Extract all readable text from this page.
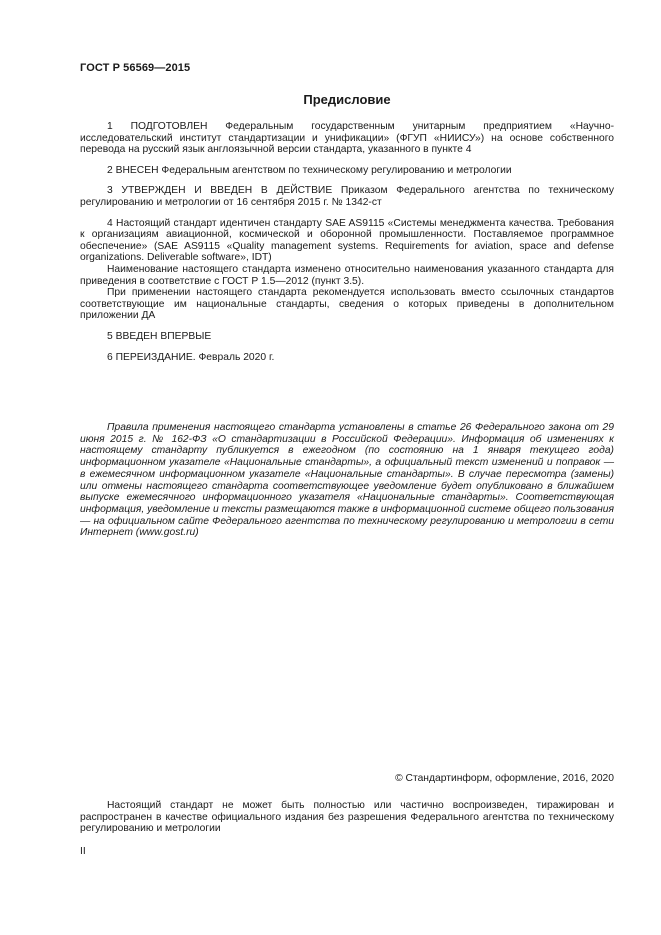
ГОСТ Р 56569—2015
Предисловие

1 ПОДГОТОВЛЕН Федеральным государственным унитарным предприятием «Научно-исследовательский институт стандартизации и унификации» (ФГУП «НИИСУ») на основе собственного перевода на русский язык англоязычной версии стандарта, указанного в пункте 4

2 ВНЕСЕН Федеральным агентством по техническому регулированию и метрологии

3 УТВЕРЖДЕН И ВВЕДЕН В ДЕЙСТВИЕ Приказом Федерального агентства по техническому регулированию и метрологии от 16 сентября 2015 г. № 1342-ст

4 Настоящий стандарт идентичен стандарту SAE AS9115 «Системы менеджмента качества. Требования к организациям авиационной, космической и оборонной промышленности. Поставляемое программное обеспечение» (SAE AS9115 «Quality management systems. Requirements for aviation, space and defense organizations. Deliverable software», IDT)

Наименование настоящего стандарта изменено относительно наименования указанного стандарта для приведения в соответствие с ГОСТ Р 1.5—2012 (пункт 3.5).

При применении настоящего стандарта рекомендуется использовать вместо ссылочных стандартов соответствующие им национальные стандарты, сведения о которых приведены в дополнительном приложении ДА

5 ВВЕДЕН ВПЕРВЫЕ

6 ПЕРЕИЗДАНИЕ. Февраль 2020 г.

Правила применения настоящего стандарта установлены в статье 26 Федерального закона от 29 июня 2015 г. № 162-ФЗ «О стандартизации в Российской Федерации». Информация об изменениях к настоящему стандарту публикуется в ежегодном (по состоянию на 1 января текущего года) информационном указателе «Национальные стандарты», а официальный текст изменений и поправок — в ежемесячном информационном указателе «Национальные стандарты». В случае пересмотра (замены) или отмены настоящего стандарта соответствующее уведомление будет опубликовано в ближайшем выпуске ежемесячного информационного указателя «Национальные стандарты». Соответствующая информация, уведомление и тексты размещаются также в информационной системе общего пользования — на официальном сайте Федерального агентства по техническому регулированию и метрологии в сети Интернет (www.gost.ru)

© Стандартинформ, оформление, 2016, 2020

Настоящий стандарт не может быть полностью или частично воспроизведен, тиражирован и распространен в качестве официального издания без разрешения Федерального агентства по техническому регулированию и метрологии

II
